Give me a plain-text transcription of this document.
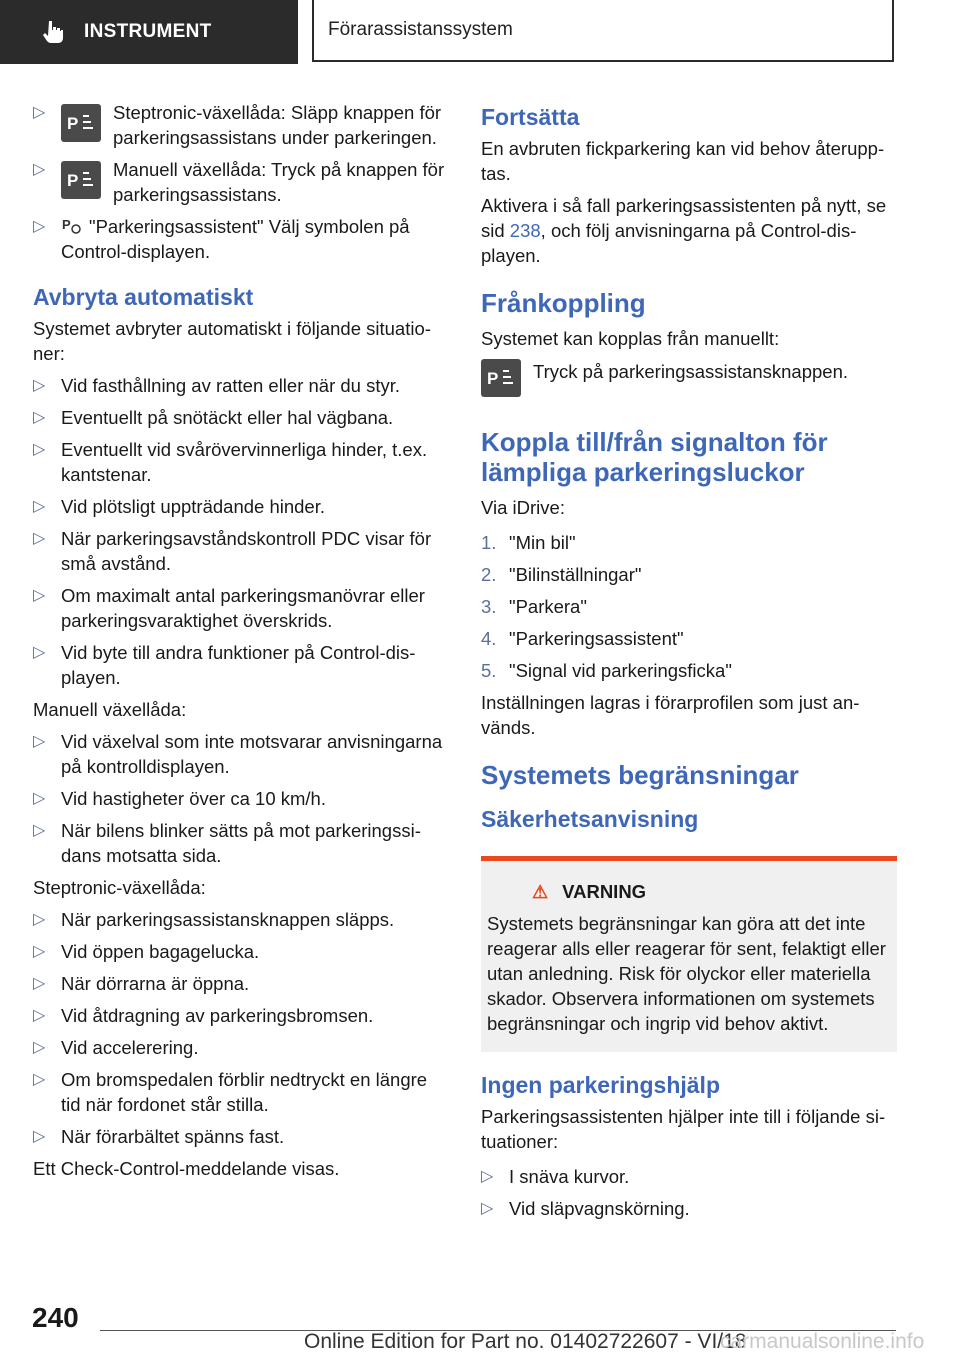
INSTRUMENT	Förarassistanssystem
▷
P
Steptronic-växellåda: Släpp knappen för parkeringsassistans under parkeringen.
▷
P
Manuell växellåda: Tryck på knappen för parkeringsassistans.
▷ P "Parkeringsassistent" Välj symbolen på Control-displayen.
Avbryta automatiskt

Systemet avbryter automatiskt i följande situationer:

▷ Vid fasthållning av ratten eller när du styr.
▷ Eventuellt på snötäckt eller hal vägbana.
▷ Eventuellt vid svårövervinnerliga hinder, t.ex. kantstenar.
▷ Vid plötsligt uppträdande hinder.
▷ När parkeringsavståndskontroll PDC visar för små avstånd.
▷ Om maximalt antal parkeringsmanövrar eller parkeringsvaraktighet överskrids.
▷ Vid byte till andra funktioner på Control-displayen.

Manuell växellåda:

▷ Vid växelval som inte motsvarar anvisningarna på kontrolldisplayen.
▷ Vid hastigheter över ca 10 km/h.
▷ När bilens blinker sätts på mot parkeringssidans motsatta sida.

Steptronic-växellåda:

▷ När parkeringsassistansknappen släpps.
▷ Vid öppen bagagelucka.
▷ När dörrarna är öppna.
▷ Vid åtdragning av parkeringsbromsen.
▷ Vid accelerering.
▷ Om bromspedalen förblir nedtryckt en längre tid när fordonet står stilla.
▷ När förarbältet spänns fast.

Ett Check-Control-meddelande visas.

Fortsätta

En avbruten fickparkering kan vid behov återupptas.

Aktivera i så fall parkeringsassistenten på nytt, se sid 238, och följ anvisningarna på Control-displayen.

Frånkoppling

Systemet kan kopplas från manuellt:

P Tryck på parkeringsassistansknappen.
Koppla till/från signalton för lämpliga parkeringsluckor

Via iDrive:

1. "Min bil"
2. "Bilinställningar"
3. "Parkera"
4. "Parkeringsassistent"
5. "Signal vid parkeringsficka"

Inställningen lagras i förarprofilen som just används.

Systemets begränsningar
Säkerhetsanvisning
⚠ VARNING
Systemets begränsningar kan göra att det inte reagerar alls eller reagerar för sent, felaktigt eller utan anledning. Risk för olyckor eller materiella skador. Observera informationen om systemets begränsningar och ingrip vid behov aktivt.
Ingen parkeringshjälp

Parkeringsassistenten hjälper inte till i följande situationer:

▷ I snäva kurvor.
▷ Vid släpvagnskörning.
240
Online Edition for Part no. 01402722607 - VI/18
carmanualsonline.info
